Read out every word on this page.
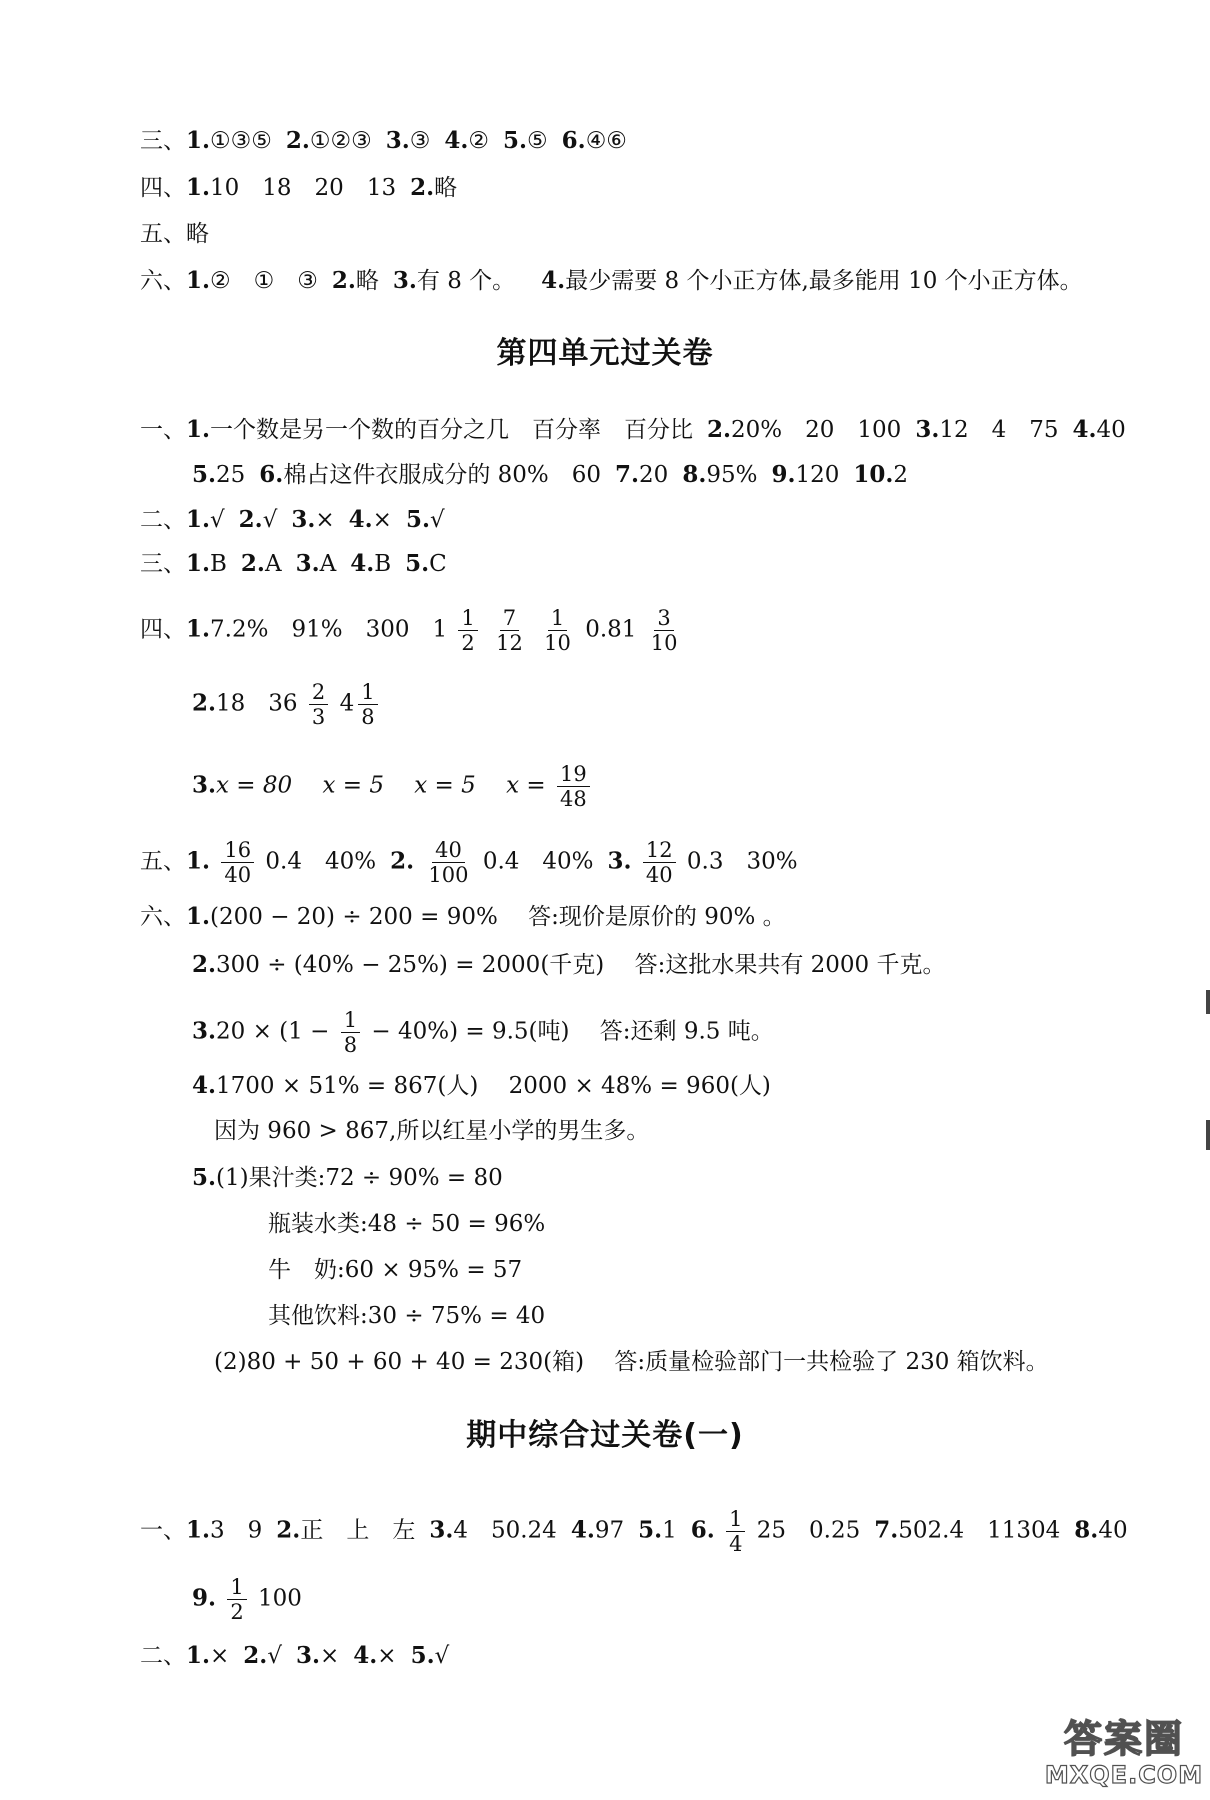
三、1.①③⑤ 2.①②③ 3.③ 4.② 5.⑤ 6.④⑥
四、1.10　18　20　13 2.略
五、略
六、1.②　①　③ 2.略 3.有 8 个。 4.最少需要 8 个小正方体,最多能用 10 个小正方体。
第四单元过关卷
一、1.一个数是另一个数的百分之几　百分率　百分比 2.20%　20　100 3.12　4　75 4.40
5.25 6.棉占这件衣服成分的 80%　60 7.20 8.95% 9.120 10.2
二、1.√ 2.√ 3.× 4.× 5.√
三、1.B 2.A 3.A 4.B 5.C
四、1.7.2%　91%　300　$1 \frac{1}{2}$
$\frac{7}{12}$
$\frac{1}{10} 0.81 \frac{3}{10}$
2.18　$36 \frac{2}{3} 4 \frac{1}{8}$
3.x = 80　 x = 5　 x = 5　 $x = \frac{19}{48}$
五、1. $\frac{16}{40} 0.4$　40% 2. $\frac{40}{100} 0.4$　40% 3. $\frac{12}{40} 0.3$　30%
六、1.(200 − 20) ÷ 200 = 90%　 答:现价是原价的 90% 。
2.300 ÷ (40% − 25%) = 2000(千克)　 答:这批水果共有 2000 千克。
$3.20 \times (1 - \frac{1}{8} - 40\%) = 9.5$(吨)　 答:还剩 9.5 吨。
4.1700 × 51% = 867(人)　 2000 × 48% = 960(人)
因为 960 > 867,所以红星小学的男生多。
5.(1)果汁类:72 ÷ 90% = 80
瓶装水类:48 ÷ 50 = 96%
牛　奶:60 × 95% = 57
其他饮料:30 ÷ 75% = 40
(2)80 + 50 + 60 + 40 = 230(箱)　 答:质量检验部门一共检验了 230 箱饮料。
期中综合过关卷(一)
一、1.3　9 2.正　上　左 3.4　50.24 4.97 5.1 6. $\frac{1}{4} 25$　0.25 7.502.4　11304 8.40
9. $\frac{1}{2} 100$
二、1.× 2.√ 3.× 4.× 5.√
答案圈
MXQE.COM
